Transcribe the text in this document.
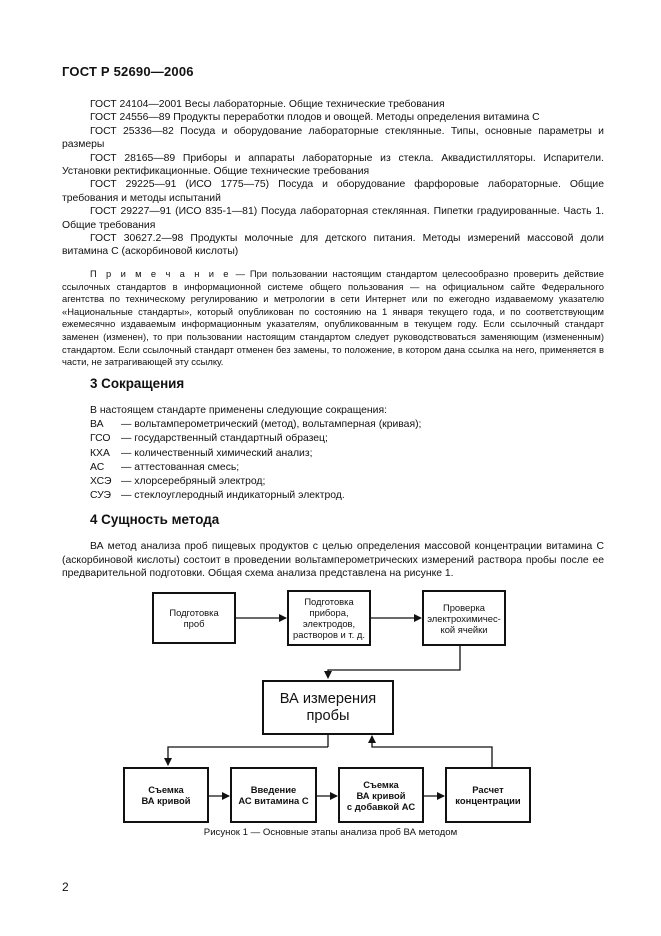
ГОСТ Р 52690—2006

ГОСТ 24104—2001 Весы лабораторные. Общие технические требования

ГОСТ 24556—89 Продукты переработки плодов и овощей. Методы определения витамина С

ГОСТ 25336—82 Посуда и оборудование лабораторные стеклянные. Типы, основные параметры и размеры

ГОСТ 28165—89 Приборы и аппараты лабораторные из стекла. Аквадистилляторы. Испарители. Установки ректификационные. Общие технические требования

ГОСТ 29225—91 (ИСО 1775—75) Посуда и оборудование фарфоровые лабораторные. Общие требования и методы испытаний

ГОСТ 29227—91 (ИСО 835-1—81) Посуда лабораторная стеклянная. Пипетки градуированные. Часть 1. Общие требования

ГОСТ 30627.2—98 Продукты молочные для детского питания. Методы измерений массовой доли витамина С (аскорбиновой кислоты)

П р и м е ч а н и е — При пользовании настоящим стандартом целесообразно проверить действие ссылочных стандартов в информационной системе общего пользования — на официальном сайте Федерального агентства по техническому регулированию и метрологии в сети Интернет или по ежегодно издаваемому указателю «Национальные стандарты», который опубликован по состоянию на 1 января текущего года, и по соответствующим ежемесячно издаваемым информационным указателям, опубликованным в текущем году. Если ссылочный стандарт заменен (изменен), то при пользовании настоящим стандартом следует руководствоваться заменяющим (измененным) стандартом. Если ссылочный стандарт отменен без замены, то положение, в котором дана ссылка на него, применяется в части, не затрагивающей эту ссылку.

3 Сокращения

В настоящем стандарте применены следующие сокращения:

ВА	— вольтамперометрический (метод), вольтамперная (кривая);
ГСО	— государственный стандартный образец;
КХА	— количественный химический анализ;
АС	— аттестованная смесь;
ХСЭ — хлорсеребряный электрод;
СУЭ — стеклоуглеродный индикаторный электрод.
4 Сущность метода

ВА метод анализа проб пищевых продуктов с целью определения массовой концентрации витамина С (аскорбиновой кислоты) состоит в проведении вольтамперометрических измерений раствора пробы после ее предварительной подготовки. Общая схема анализа представлена на рисунке 1.

Подготовка
проб
Подготовка
прибора,
электродов,
растворов и т. д.
Проверка
электрохимичес-
кой ячейки
ВА измерения
пробы
Съемка
ВА кривой
Введение
АС витамина С
Съемка
ВА кривой
с добавкой АС
Расчет
концентрации
Рисунок 1 — Основные этапы анализа проб ВА методом
2
